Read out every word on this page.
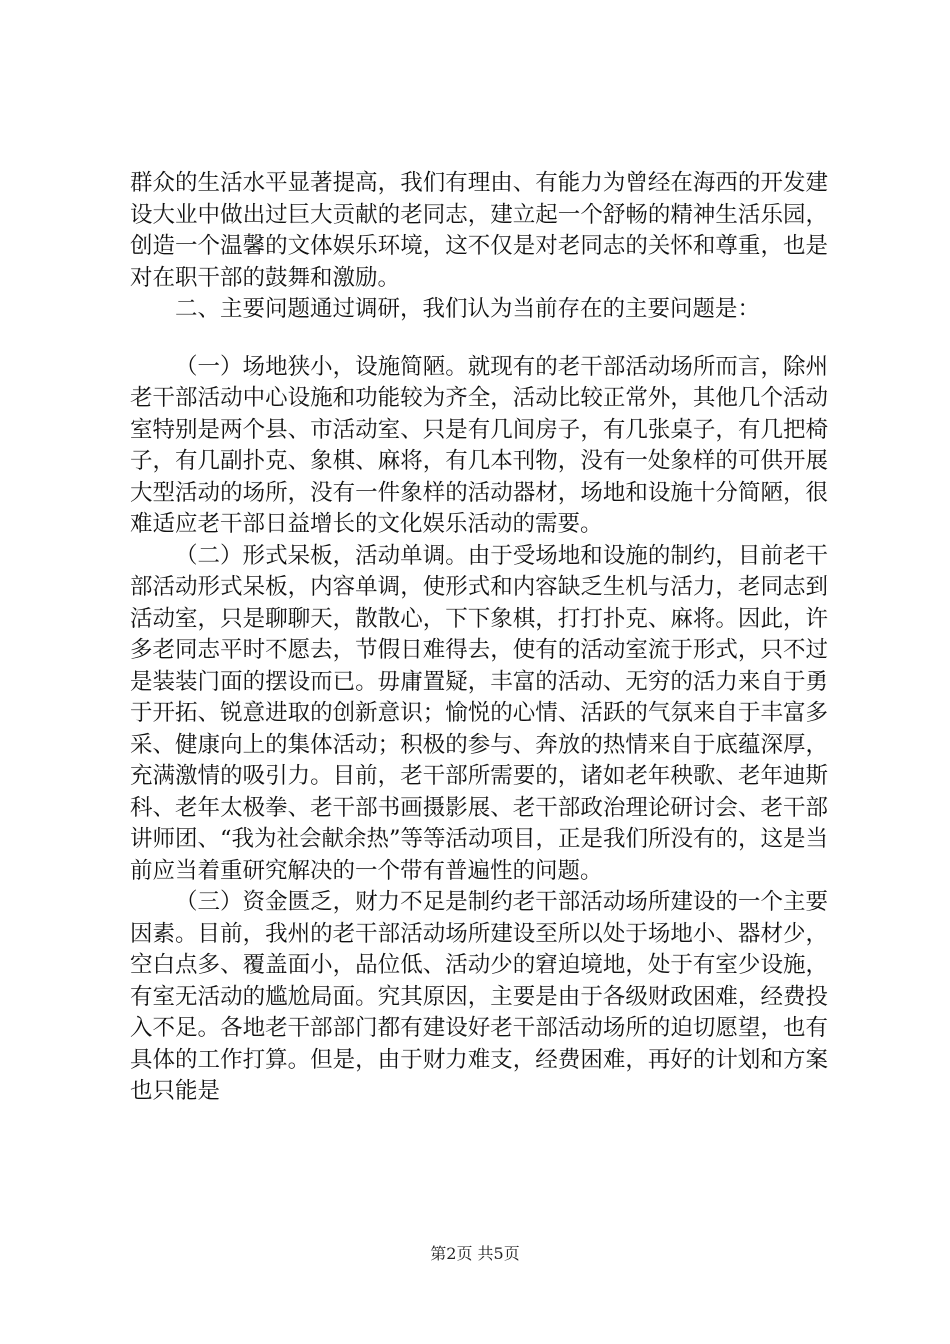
群众的生活水平显著提高，我们有理由、有能力为曾经在海西的开发建设大业中做出过巨大贡献的老同志，建立起一个舒畅的精神生活乐园，创造一个温馨的文体娱乐环境，这不仅是对老同志的关怀和尊重，也是对在职干部的鼓舞和激励。

二、主要问题通过调研，我们认为当前存在的主要问题是：

（一）场地狭小，设施简陋。就现有的老干部活动场所而言，除州老干部活动中心设施和功能较为齐全，活动比较正常外，其他几个活动室特别是两个县、市活动室、只是有几间房子，有几张桌子，有几把椅子，有几副扑克、象棋、麻将，有几本刊物，没有一处象样的可供开展大型活动的场所，没有一件象样的活动器材，场地和设施十分简陋，很难适应老干部日益增长的文化娱乐活动的需要。

（二）形式呆板，活动单调。由于受场地和设施的制约，目前老干部活动形式呆板，内容单调，使形式和内容缺乏生机与活力，老同志到活动室，只是聊聊天，散散心，下下象棋，打打扑克、麻将。因此，许多老同志平时不愿去，节假日难得去，使有的活动室流于形式，只不过是装装门面的摆设而已。毋庸置疑，丰富的活动、无穷的活力来自于勇于开拓、锐意进取的创新意识；愉悦的心情、活跃的气氛来自于丰富多采、健康向上的集体活动；积极的参与、奔放的热情来自于底蕴深厚，充满激情的吸引力。目前，老干部所需要的，诸如老年秧歌、老年迪斯科、老年太极拳、老干部书画摄影展、老干部政治理论研讨会、老干部讲师团、“我为社会献余热”等等活动项目，正是我们所没有的，这是当前应当着重研究解决的一个带有普遍性的问题。

（三）资金匮乏，财力不足是制约老干部活动场所建设的一个主要因素。目前，我州的老干部活动场所建设至所以处于场地小、器材少，空白点多、覆盖面小，品位低、活动少的窘迫境地，处于有室少设施，有室无活动的尴尬局面。究其原因，主要是由于各级财政困难，经费投入不足。各地老干部部门都有建设好老干部活动场所的迫切愿望，也有具体的工作打算。但是，由于财力难支，经费困难，再好的计划和方案也只能是

第2页 共5页
